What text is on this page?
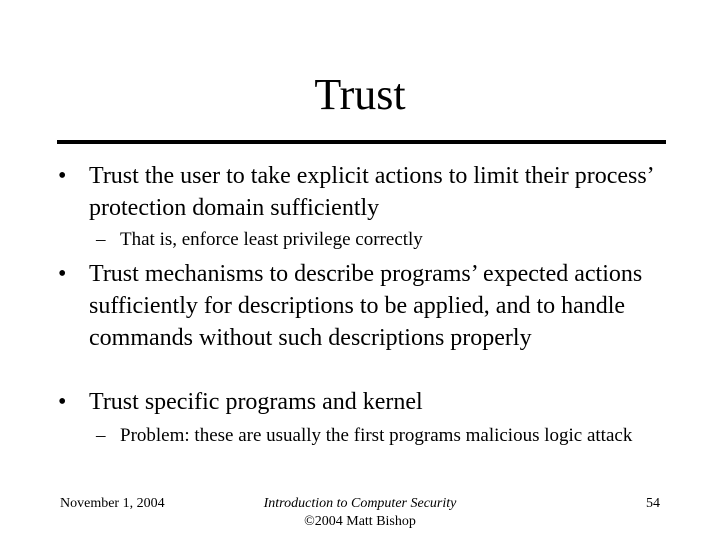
Trust
• Trust the user to take explicit actions to limit their process’ protection domain sufficiently
– That is, enforce least privilege correctly
• Trust mechanisms to describe programs’ expected actions sufficiently for descriptions to be applied, and to handle commands without such descriptions properly
• Trust specific programs and kernel
– Problem: these are usually the first programs malicious logic attack
November 1, 2004	Introduction to Computer Security
©2004 Matt Bishop
54
